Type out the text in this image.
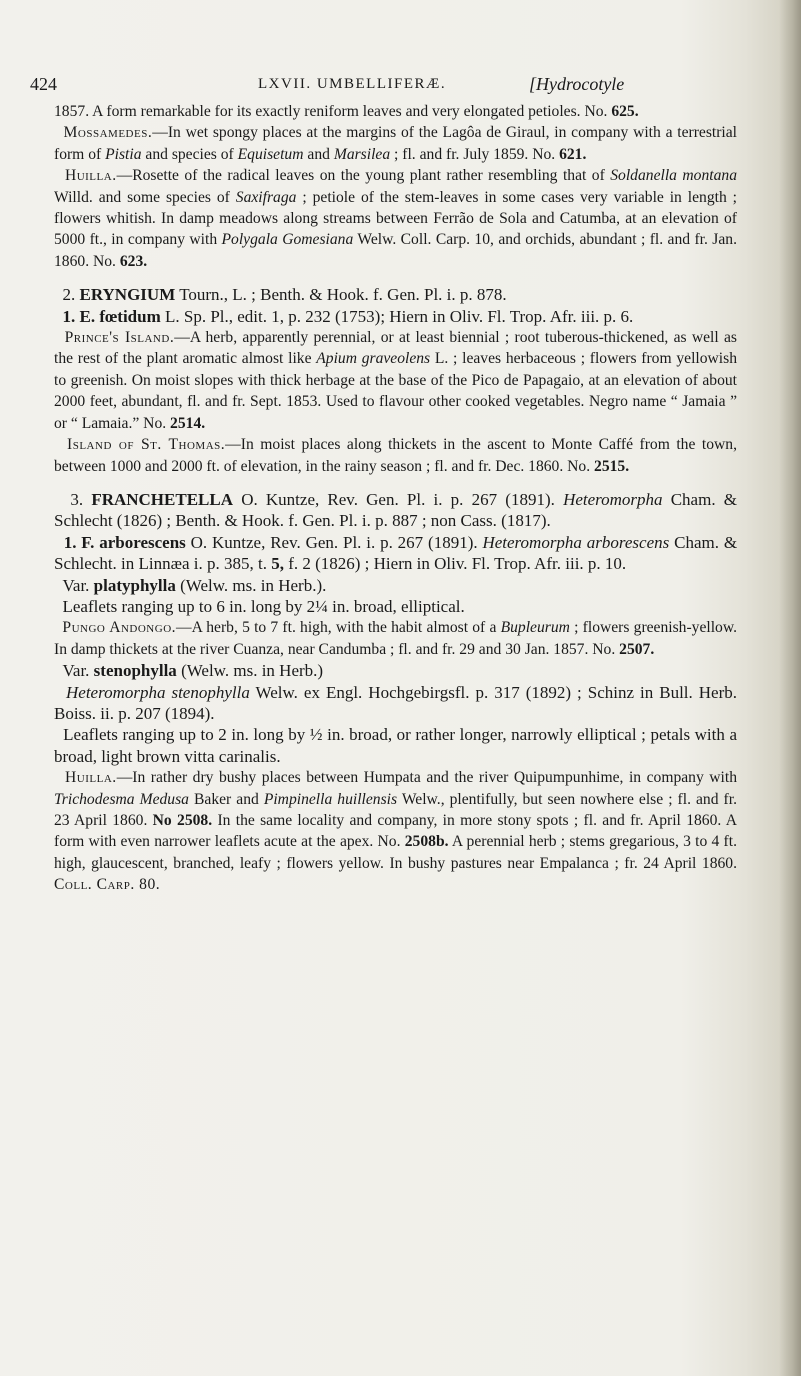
424	LXVII. UMBELLIFERÆ.	[Hydrocotyle

1857. A form remarkable for its exactly reniform leaves and very elongated petioles. No. 625.

Mossamedes.—In wet spongy places at the margins of the Lagôa de Giraul, in company with a terrestrial form of Pistia and species of Equisetum and Marsilea ; fl. and fr. July 1859. No. 621.

Huilla.—Rosette of the radical leaves on the young plant rather resembling that of Soldanella montana Willd. and some species of Saxifraga ; petiole of the stem-leaves in some cases very variable in length ; flowers whitish. In damp meadows along streams between Ferrão de Sola and Catumba, at an elevation of 5000 ft., in company with Polygala Gomesiana Welw. Coll. Carp. 10, and orchids, abundant ; fl. and fr. Jan. 1860. No. 623.

2. ERYNGIUM Tourn., L. ; Benth. & Hook. f. Gen. Pl. i. p. 878.

1. E. fœtidum L. Sp. Pl., edit. 1, p. 232 (1753); Hiern in Oliv. Fl. Trop. Afr. iii. p. 6.

Prince's Island.—A herb, apparently perennial, or at least biennial ; root tuberous-thickened, as well as the rest of the plant aromatic almost like Apium graveolens L. ; leaves herbaceous ; flowers from yellowish to greenish. On moist slopes with thick herbage at the base of the Pico de Papagaio, at an elevation of about 2000 feet, abundant, fl. and fr. Sept. 1853. Used to flavour other cooked vegetables. Negro name “ Jamaia ” or “ Lamaia.” No. 2514.

Island of St. Thomas.—In moist places along thickets in the ascent to Monte Caffé from the town, between 1000 and 2000 ft. of elevation, in the rainy season ; fl. and fr. Dec. 1860. No. 2515.

3. FRANCHETELLA O. Kuntze, Rev. Gen. Pl. i. p. 267 (1891). Heteromorpha Cham. & Schlecht (1826) ; Benth. & Hook. f. Gen. Pl. i. p. 887 ; non Cass. (1817).

1. F. arborescens O. Kuntze, Rev. Gen. Pl. i. p. 267 (1891). Heteromorpha arborescens Cham. & Schlecht. in Linnæa i. p. 385, t. 5, f. 2 (1826) ; Hiern in Oliv. Fl. Trop. Afr. iii. p. 10.

Var. platyphylla (Welw. ms. in Herb.).

Leaflets ranging up to 6 in. long by 2¼ in. broad, elliptical.

Pungo Andongo.—A herb, 5 to 7 ft. high, with the habit almost of a Bupleurum ; flowers greenish-yellow. In damp thickets at the river Cuanza, near Candumba ; fl. and fr. 29 and 30 Jan. 1857. No. 2507.

Var. stenophylla (Welw. ms. in Herb.)

Heteromorpha stenophylla Welw. ex Engl. Hochgebirgsfl. p. 317 (1892) ; Schinz in Bull. Herb. Boiss. ii. p. 207 (1894).

Leaflets ranging up to 2 in. long by ½ in. broad, or rather longer, narrowly elliptical ; petals with a broad, light brown vitta carinalis.

Huilla.—In rather dry bushy places between Humpata and the river Quipumpunhime, in company with Trichodesma Medusa Baker and Pimpinella huillensis Welw., plentifully, but seen nowhere else ; fl. and fr. 23 April 1860. No 2508. In the same locality and company, in more stony spots ; fl. and fr. April 1860. A form with even narrower leaflets acute at the apex. No. 2508b. A perennial herb ; stems gregarious, 3 to 4 ft. high, glaucescent, branched, leafy ; flowers yellow. In bushy pastures near Empalanca ; fr. 24 April 1860. Coll. Carp. 80.
